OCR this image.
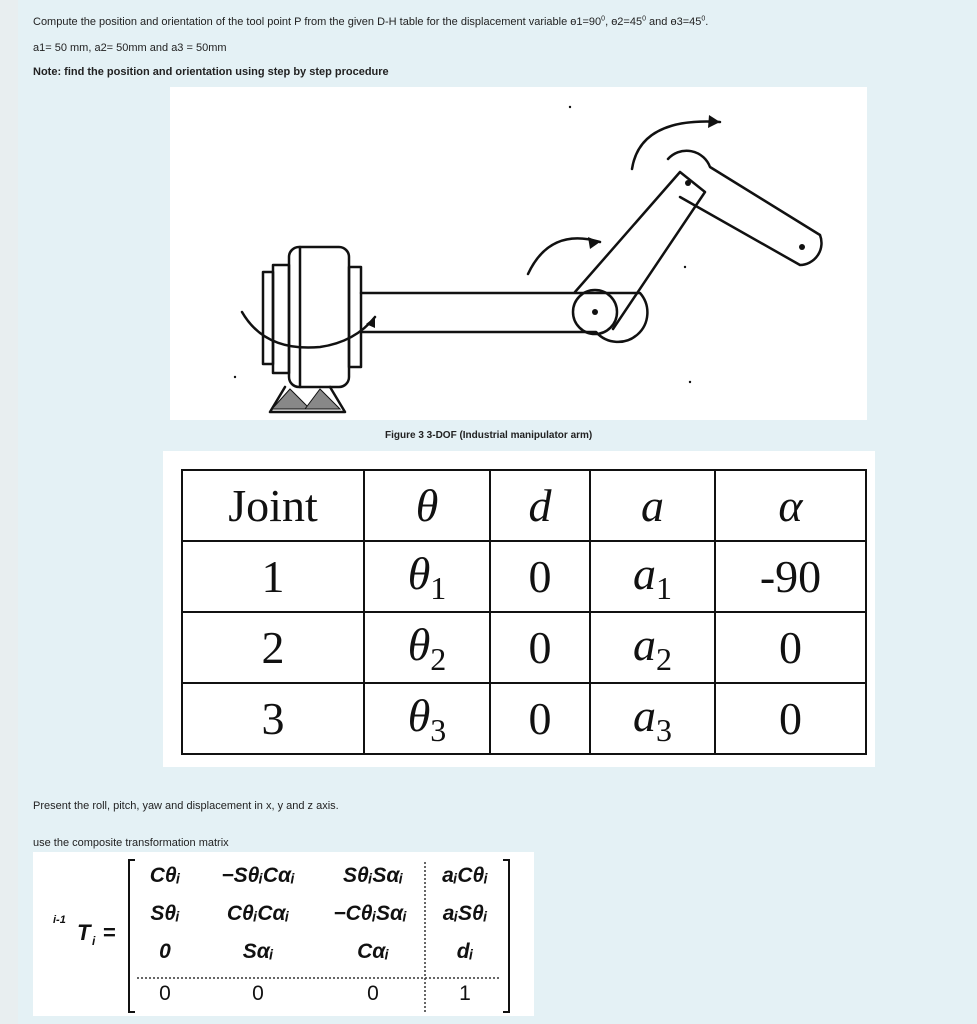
Compute the position and orientation of the tool point P from the given D-H table for the displacement variable $ө1=90^0$, $ө2=45^0$ and $ө3=45^0$.
a1= 50 mm, a2= 50mm and a3 = 50mm
Note: find the position and orientation using step by step procedure
Figure 3 3-DOF (Industrial manipulator arm)
Joint	θ	d	a	α
1	$\theta_1$	0	$a_1$	-90
2	$\theta_2$	0	$a_2$	0
3	$\theta_3$	0	$a_3$	0
Present the roll, pitch, yaw and displacement in x, y and z axis.
use the composite transformation matrix
i-1 T i =
Cθᵢ	−SθᵢCαᵢ	SθᵢSαᵢ	aᵢCθᵢ
Sθᵢ	CθᵢCαᵢ	−CθᵢSαᵢ	aᵢSθᵢ
0	Sαᵢ	Cαᵢ	dᵢ
0	0	0	1
